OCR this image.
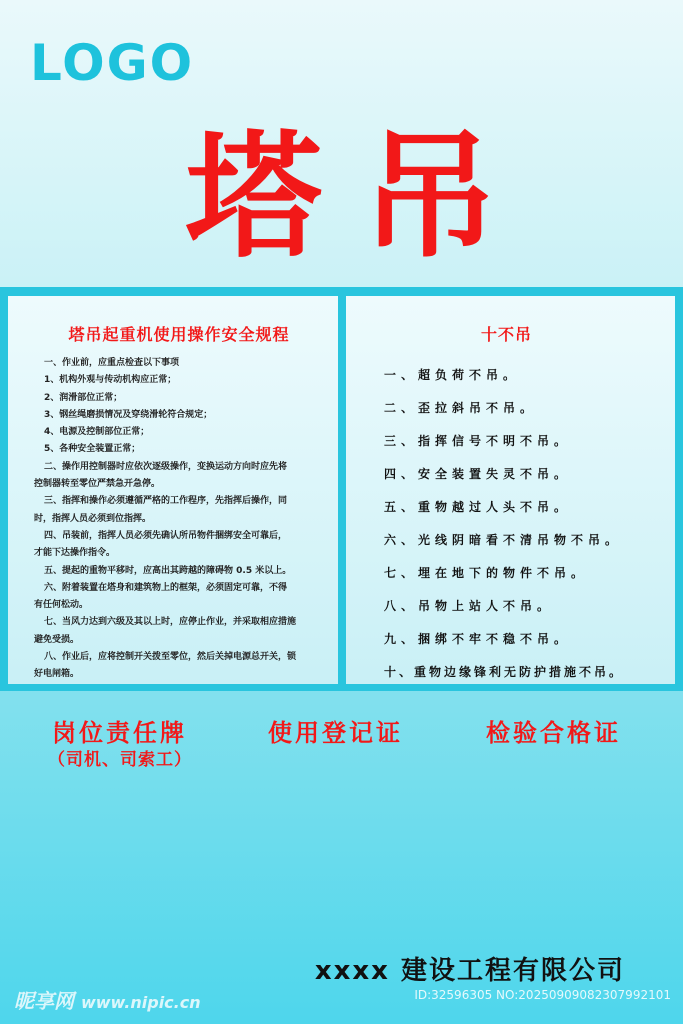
LOGO
塔吊
塔吊起重机使用操作安全规程
一、作业前，应重点检查以下事项
1、机构外观与传动机构应正常；
2、润滑部位正常；
3、钢丝绳磨损情况及穿绕滑轮符合规定；
4、电源及控制部位正常；
5、各种安全装置正常；
二、操作用控制器时应依次逐级操作，变换运动方向时应先将
控制器转至零位严禁急开急停。
三、指挥和操作必须遵循严格的工作程序，先指挥后操作，同
时，指挥人员必须到位指挥。
四、吊装前，指挥人员必须先确认所吊物件捆绑安全可靠后，
才能下达操作指令。
五、提起的重物平移时，应高出其跨越的障碍物 0.5 米以上。
六、附着装置在塔身和建筑物上的框架，必须固定可靠，不得
有任何松动。
七、当风力达到六级及其以上时，应停止作业，并采取相应措施
避免受损。
八、作业后，应将控制开关拨至零位，然后关掉电源总开关，锁
好电闸箱。
十不吊
一、超负荷不吊。
二、歪拉斜吊不吊。
三、指挥信号不明不吊。
四、安全装置失灵不吊。
五、重物越过人头不吊。
六、光线阴暗看不清吊物不吊。
七、埋在地下的物件不吊。
八、吊物上站人不吊。
九、捆绑不牢不稳不吊。
十、重物边缘锋利无防护措施不吊。
岗位责任牌
（司机、司索工）
使用登记证	检验合格证
xxxx 建设工程有限公司
昵享网 www.nipic.cn	ID:32596305 NO:20250909082307992101
